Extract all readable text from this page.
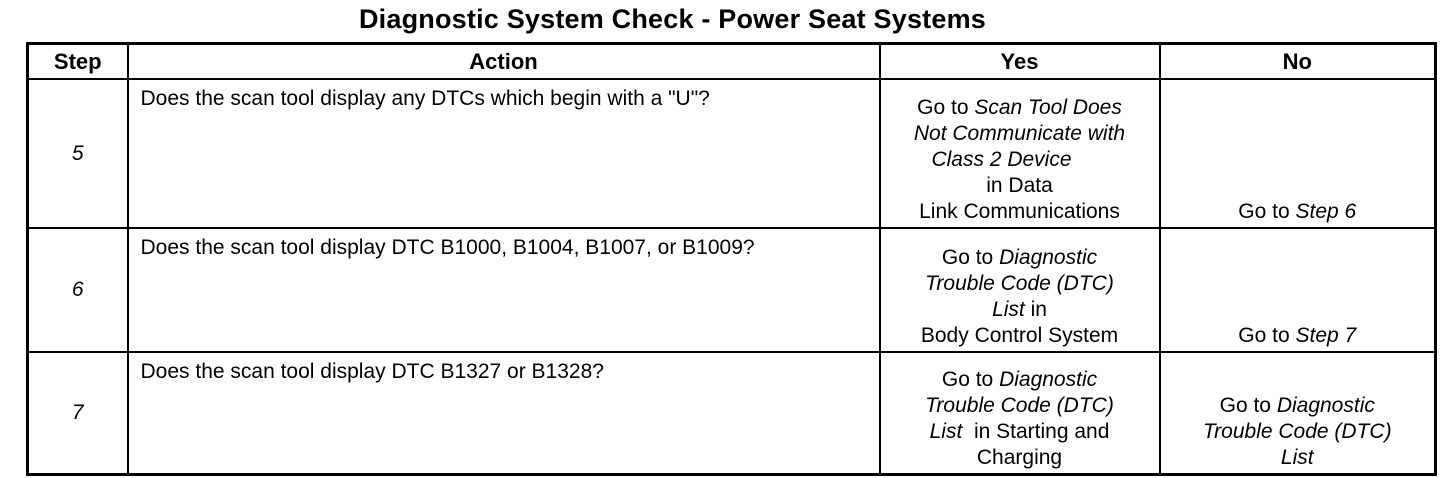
Diagnostic System Check - Power Seat Systems
Step	Action	Yes	No
5	Does the scan tool display any DTCs which begin with a "U"?	Go to Scan Tool Does
Not Communicate with
Class 2 Device
in Data
Link Communications	Go to Step 6

6	Does the scan tool display DTC B1000, B1004, B1007, or B1009?	Go to Diagnostic
Trouble Code (DTC)
List in
Body Control System	Go to Step 7

7	Does the scan tool display DTC B1327 or B1328?	Go to Diagnostic
Trouble Code (DTC)
List  in Starting and
Charging	Go to Diagnostic
Trouble Code (DTC)
List
